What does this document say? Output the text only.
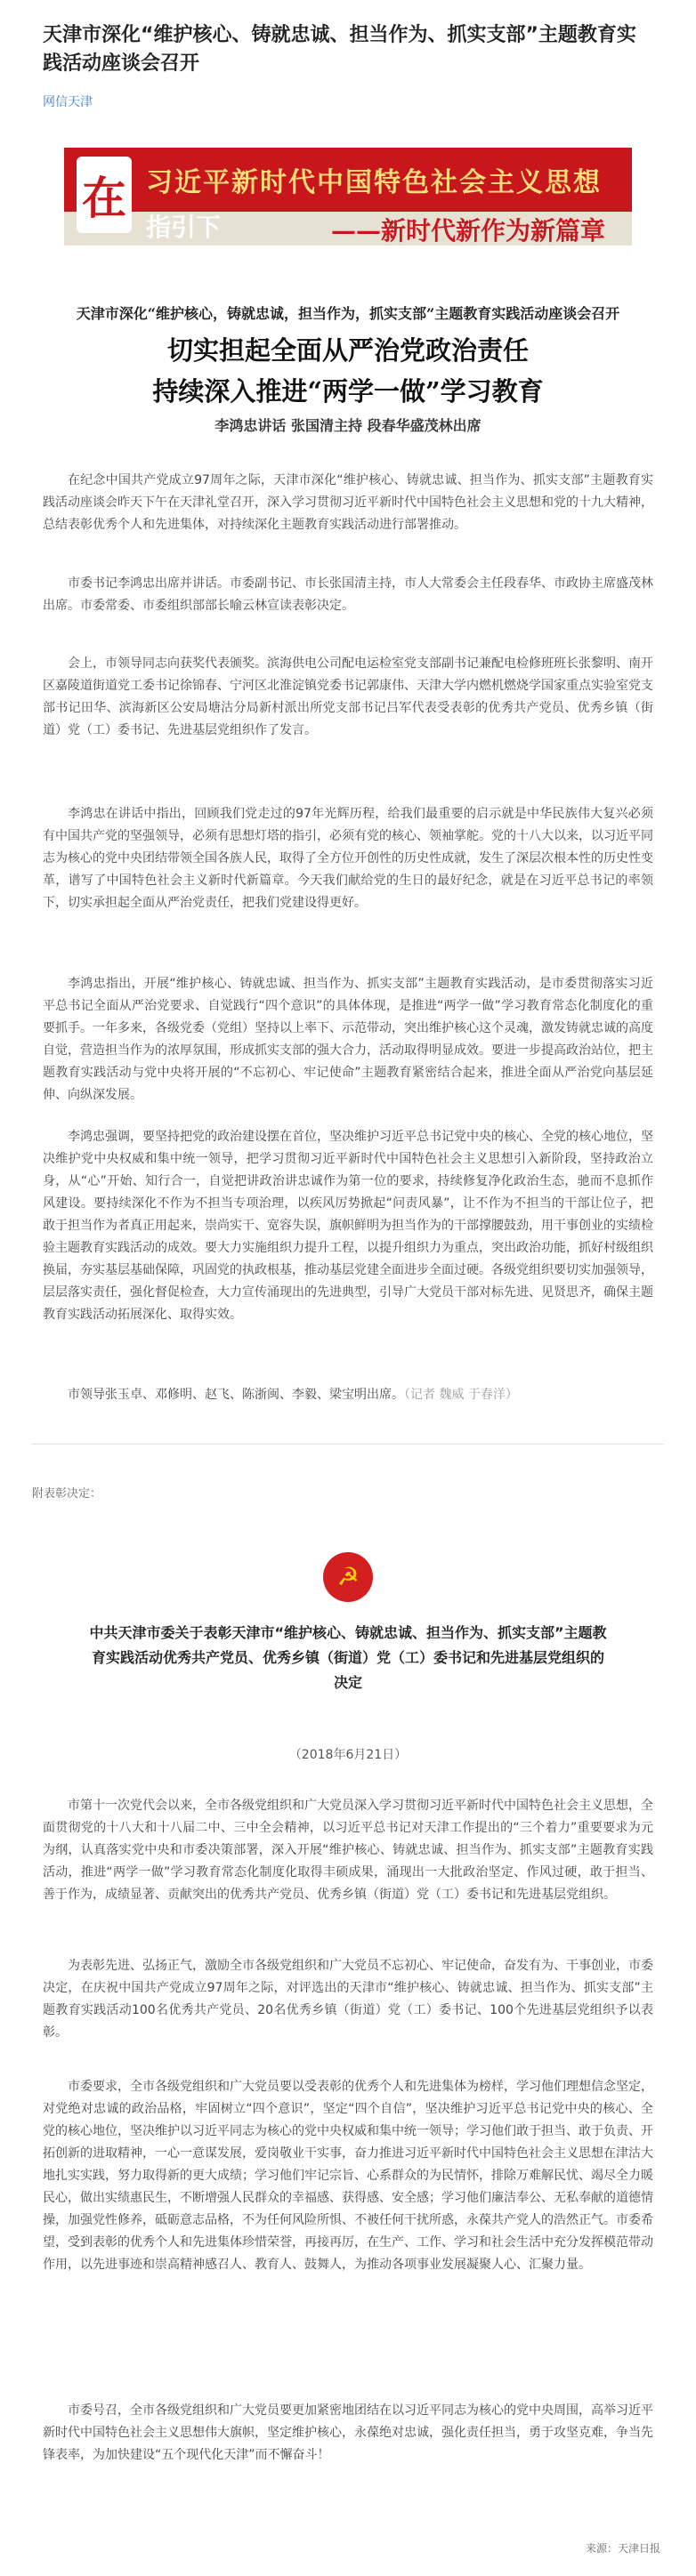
天津市深化“维护核心、铸就忠诚、担当作为、抓实支部”主题教育实践活动座谈会召开
网信天津
在 习近平新时代中国特色社会主义思想
指引下	——新时代新作为新篇章
天津市深化“维护核心，铸就忠诚，担当作为，抓实支部”主题教育实践活动座谈会召开
切实担起全面从严治党政治责任
持续深入推进“两学一做”学习教育
李鸿忠讲话 张国清主持 段春华盛茂林出席

在纪念中国共产党成立97周年之际，天津市深化“维护核心、铸就忠诚、担当作为、抓实支部”主题教育实践活动座谈会昨天下午在天津礼堂召开，深入学习贯彻习近平新时代中国特色社会主义思想和党的十九大精神，总结表彰优秀个人和先进集体，对持续深化主题教育实践活动进行部署推动。

市委书记李鸿忠出席并讲话。市委副书记、市长张国清主持，市人大常委会主任段春华、市政协主席盛茂林出席。市委常委、市委组织部部长喻云林宣读表彰决定。

会上，市领导同志向获奖代表颁奖。滨海供电公司配电运检室党支部副书记兼配电检修班班长张黎明、南开区嘉陵道街道党工委书记徐锦春、宁河区北淮淀镇党委书记郭康伟、天津大学内燃机燃烧学国家重点实验室党支部书记田华、滨海新区公安局塘沽分局新村派出所党支部书记吕军代表受表彰的优秀共产党员、优秀乡镇（街道）党（工）委书记、先进基层党组织作了发言。

李鸿忠在讲话中指出，回顾我们党走过的97年光辉历程，给我们最重要的启示就是中华民族伟大复兴必须有中国共产党的坚强领导，必须有思想灯塔的指引，必须有党的核心、领袖掌舵。党的十八大以来，以习近平同志为核心的党中央团结带领全国各族人民，取得了全方位开创性的历史性成就，发生了深层次根本性的历史性变革，谱写了中国特色社会主义新时代新篇章。今天我们献给党的生日的最好纪念，就是在习近平总书记的率领下，切实承担起全面从严治党责任，把我们党建设得更好。

李鸿忠指出，开展“维护核心、铸就忠诚、担当作为、抓实支部”主题教育实践活动，是市委贯彻落实习近平总书记全面从严治党要求、自觉践行“四个意识”的具体体现，是推进“两学一做”学习教育常态化制度化的重要抓手。一年多来，各级党委（党组）坚持以上率下、示范带动，突出维护核心这个灵魂，激发铸就忠诚的高度自觉，营造担当作为的浓厚氛围，形成抓实支部的强大合力，活动取得明显成效。要进一步提高政治站位，把主题教育实践活动与党中央将开展的“不忘初心、牢记使命”主题教育紧密结合起来，推进全面从严治党向基层延伸、向纵深发展。

李鸿忠强调，要坚持把党的政治建设摆在首位，坚决维护习近平总书记党中央的核心、全党的核心地位，坚决维护党中央权威和集中统一领导，把学习贯彻习近平新时代中国特色社会主义思想引入新阶段，坚持政治立身，从“心”开始、知行合一，自觉把讲政治讲忠诚作为第一位的要求，持续修复净化政治生态，驰而不息抓作风建设。要持续深化不作为不担当专项治理，以疾风厉势掀起“问责风暴”，让不作为不担当的干部让位子，把敢于担当作为者真正用起来，崇尚实干、宽容失误，旗帜鲜明为担当作为的干部撑腰鼓劲，用干事创业的实绩检验主题教育实践活动的成效。要大力实施组织力提升工程，以提升组织力为重点，突出政治功能，抓好村级组织换届，夯实基层基础保障，巩固党的执政根基，推动基层党建全面进步全面过硬。各级党组织要切实加强领导，层层落实责任，强化督促检查，大力宣传涌现出的先进典型，引导广大党员干部对标先进、见贤思齐，确保主题教育实践活动拓展深化、取得实效。

市领导张玉卓、邓修明、赵飞、陈浙闽、李毅、梁宝明出席。（记者 魏威 于春洋）

附表彰决定：
☭
中共天津市委关于表彰天津市“维护核心、铸就忠诚、担当作为、抓实支部”主题教育实践活动优秀共产党员、优秀乡镇（街道）党（工）委书记和先进基层党组织的决定
（2018年6月21日）

市第十一次党代会以来，全市各级党组织和广大党员深入学习贯彻习近平新时代中国特色社会主义思想，全面贯彻党的十八大和十八届二中、三中全会精神，以习近平总书记对天津工作提出的“三个着力”重要要求为元为纲，认真落实党中央和市委决策部署，深入开展“维护核心、铸就忠诚、担当作为、抓实支部”主题教育实践活动，推进“两学一做”学习教育常态化制度化取得丰硕成果，涌现出一大批政治坚定、作风过硬，敢于担当、善于作为，成绩显著、贡献突出的优秀共产党员、优秀乡镇（街道）党（工）委书记和先进基层党组织。

为表彰先进、弘扬正气，激励全市各级党组织和广大党员不忘初心、牢记使命，奋发有为、干事创业，市委决定，在庆祝中国共产党成立97周年之际，对评选出的天津市“维护核心、铸就忠诚、担当作为、抓实支部”主题教育实践活动100名优秀共产党员、20名优秀乡镇（街道）党（工）委书记、100个先进基层党组织予以表彰。

市委要求，全市各级党组织和广大党员要以受表彰的优秀个人和先进集体为榜样，学习他们理想信念坚定，对党绝对忠诚的政治品格，牢固树立“四个意识”，坚定“四个自信”，坚决维护习近平总书记党中央的核心、全党的核心地位，坚决维护以习近平同志为核心的党中央权威和集中统一领导；学习他们敢于担当、敢于负责、开拓创新的进取精神，一心一意谋发展，爱岗敬业干实事，奋力推进习近平新时代中国特色社会主义思想在津沽大地扎实实践，努力取得新的更大成绩；学习他们牢记宗旨、心系群众的为民情怀，排除万难解民忧、竭尽全力暖民心，做出实绩惠民生，不断增强人民群众的幸福感、获得感、安全感；学习他们廉洁奉公、无私奉献的道德情操，加强党性修养，砥砺意志品格，不为任何风险所惧、不被任何干扰所惑，永葆共产党人的浩然正气。市委希望，受到表彰的优秀个人和先进集体珍惜荣誉，再接再厉，在生产、工作、学习和社会生活中充分发挥模范带动作用，以先进事迹和崇高精神感召人、教育人、鼓舞人，为推动各项事业发展凝聚人心、汇聚力量。

市委号召，全市各级党组织和广大党员要更加紧密地团结在以习近平同志为核心的党中央周围，高举习近平新时代中国特色社会主义思想伟大旗帜，坚定维护核心，永葆绝对忠诚，强化责任担当，勇于攻坚克难，争当先锋表率，为加快建设“五个现代化天津”而不懈奋斗！

来源：天津日报
